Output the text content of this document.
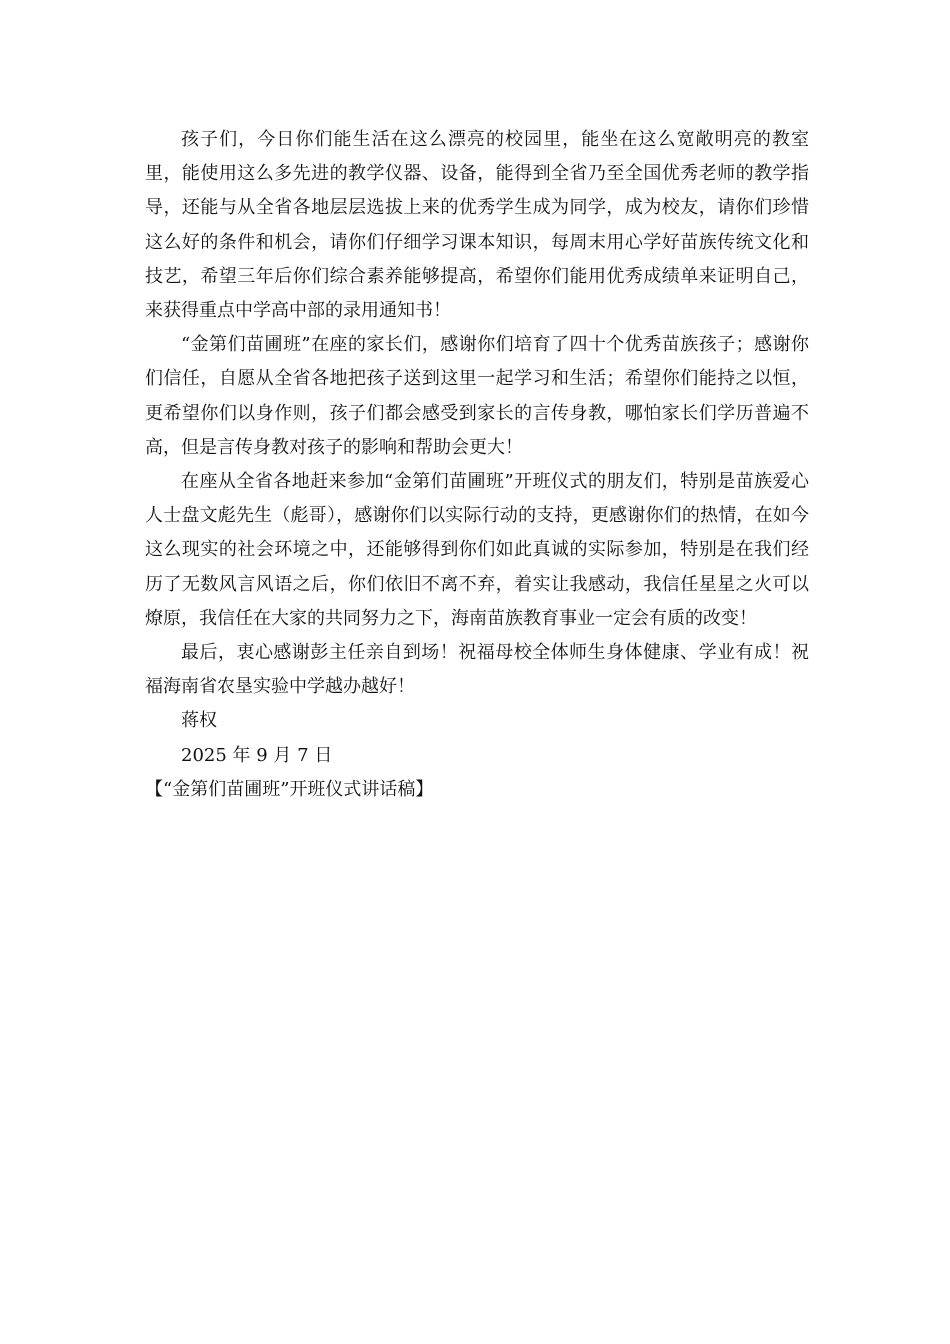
孩子们，今日你们能生活在这么漂亮的校园里，能坐在这么宽敞明亮的教室里，能使用这么多先进的教学仪器、设备，能得到全省乃至全国优秀老师的教学指导，还能与从全省各地层层选拔上来的优秀学生成为同学，成为校友，请你们珍惜这么好的条件和机会，请你们仔细学习课本知识，每周末用心学好苗族传统文化和技艺，希望三年后你们综合素养能够提高，希望你们能用优秀成绩单来证明自己，来获得重点中学高中部的录用通知书！

“金第们苗圃班”在座的家长们，感谢你们培育了四十个优秀苗族孩子；感谢你们信任，自愿从全省各地把孩子送到这里一起学习和生活；希望你们能持之以恒，更希望你们以身作则，孩子们都会感受到家长的言传身教，哪怕家长们学历普遍不高，但是言传身教对孩子的影响和帮助会更大！

在座从全省各地赶来参加“金第们苗圃班”开班仪式的朋友们，特别是苗族爱心人士盘文彪先生（彪哥），感谢你们以实际行动的支持，更感谢你们的热情，在如今这么现实的社会环境之中，还能够得到你们如此真诚的实际参加，特别是在我们经历了无数风言风语之后，你们依旧不离不弃，着实让我感动，我信任星星之火可以燎原，我信任在大家的共同努力之下，海南苗族教育事业一定会有质的改变！

最后，衷心感谢彭主任亲自到场！祝福母校全体师生身体健康、学业有成！祝福海南省农垦实验中学越办越好！

蒋权

2025 年 9 月 7 日

【“金第们苗圃班”开班仪式讲话稿】
